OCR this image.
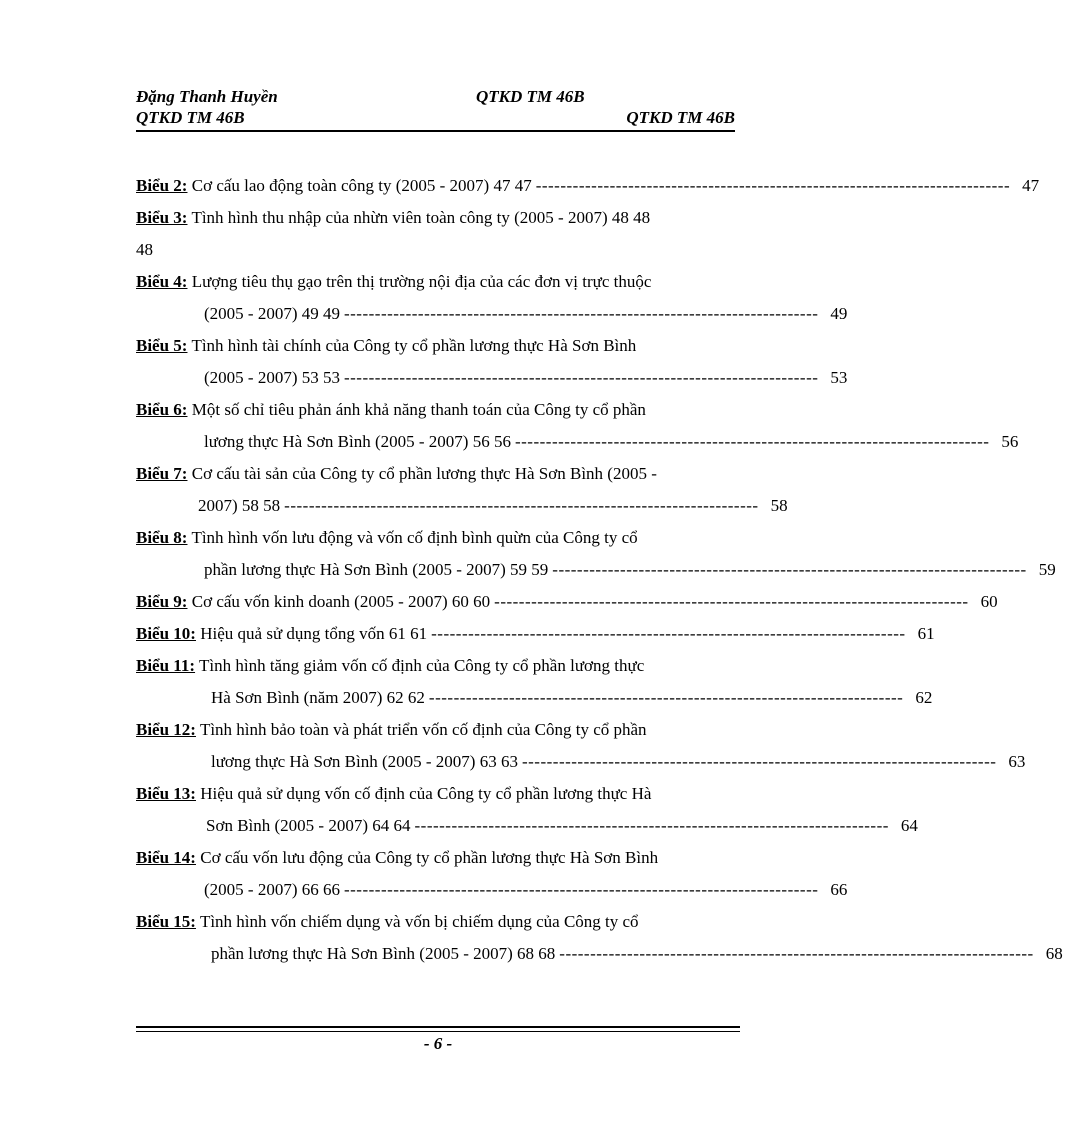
Đặng Thanh Huyền	QTKD TM 46B
QTKD TM 46B	QTKD TM 46B
Biểu 2: Cơ cấu lao động toàn công ty (2005 - 2007) 47 47 ----------------------------------------------------------------------------- 47
Biểu 3: Tình hình thu nhập của nhừn viên toàn công ty (2005 - 2007) 48 48
48
Biểu 4: Lượng tiêu thụ gạo trên thị trường nội địa của các đơn vị trực thuộc
(2005 - 2007) 49 49 ----------------------------------------------------------------------------- 49
Biểu 5: Tình hình tài chính của Công ty cổ phần lương thực Hà Sơn Bình
(2005 - 2007) 53 53 ----------------------------------------------------------------------------- 53
Biểu 6: Một số chỉ tiêu phản ánh khả năng thanh toán của Công ty cổ phần
lương thực Hà Sơn Bình (2005 - 2007) 56 56 ----------------------------------------------------------------------------- 56
Biểu 7: Cơ cấu tài sản của Công ty cổ phần lương thực Hà Sơn Bình (2005 -
2007) 58 58 ----------------------------------------------------------------------------- 58
Biểu 8: Tình hình vốn lưu động và vốn cố định bình quừn của Công ty cổ
phần lương thực Hà Sơn Bình (2005 - 2007) 59 59 ----------------------------------------------------------------------------- 59
Biểu 9: Cơ cấu vốn kinh doanh (2005 - 2007) 60 60 ----------------------------------------------------------------------------- 60
Biểu 10: Hiệu quả sử dụng tổng vốn 61 61 ----------------------------------------------------------------------------- 61
Biểu 11: Tình hình tăng giảm vốn cố định của Công ty cổ phần lương thực
Hà Sơn Bình (năm 2007) 62 62 ----------------------------------------------------------------------------- 62
Biểu 12: Tình hình bảo toàn và phát triển vốn cố định của Công ty cổ phần
lương thực Hà Sơn Bình (2005 - 2007) 63 63 ----------------------------------------------------------------------------- 63
Biểu 13: Hiệu quả sử dụng vốn cố định của Công ty cổ phần lương thực Hà
Sơn Bình (2005 - 2007) 64 64 ----------------------------------------------------------------------------- 64
Biểu 14: Cơ cấu vốn lưu động của Công ty cổ phần lương thực Hà Sơn Bình
(2005 - 2007) 66 66 ----------------------------------------------------------------------------- 66
Biểu 15: Tình hình vốn chiếm dụng và vốn bị chiếm dụng của Công ty cổ
phần lương thực Hà Sơn Bình (2005 - 2007) 68 68 ----------------------------------------------------------------------------- 68
- 6 -
